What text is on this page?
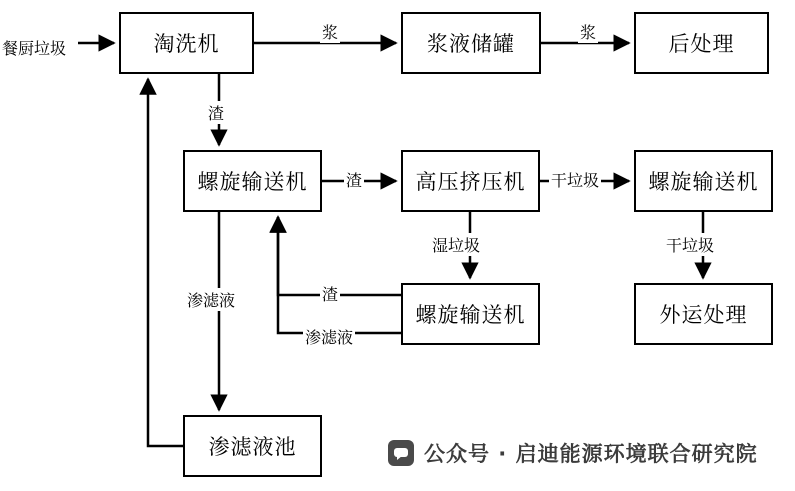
淘洗机	浆液储罐	后处理
螺旋输送机	高压挤压机	螺旋输送机
螺旋输送机	外运处理
渗滤液池
餐厨垃圾
浆	浆
渣
渣	干垃圾
湿垃圾	干垃圾
渣
渗滤液
渗滤液
公众号 · 启迪能源环境联合研究院
